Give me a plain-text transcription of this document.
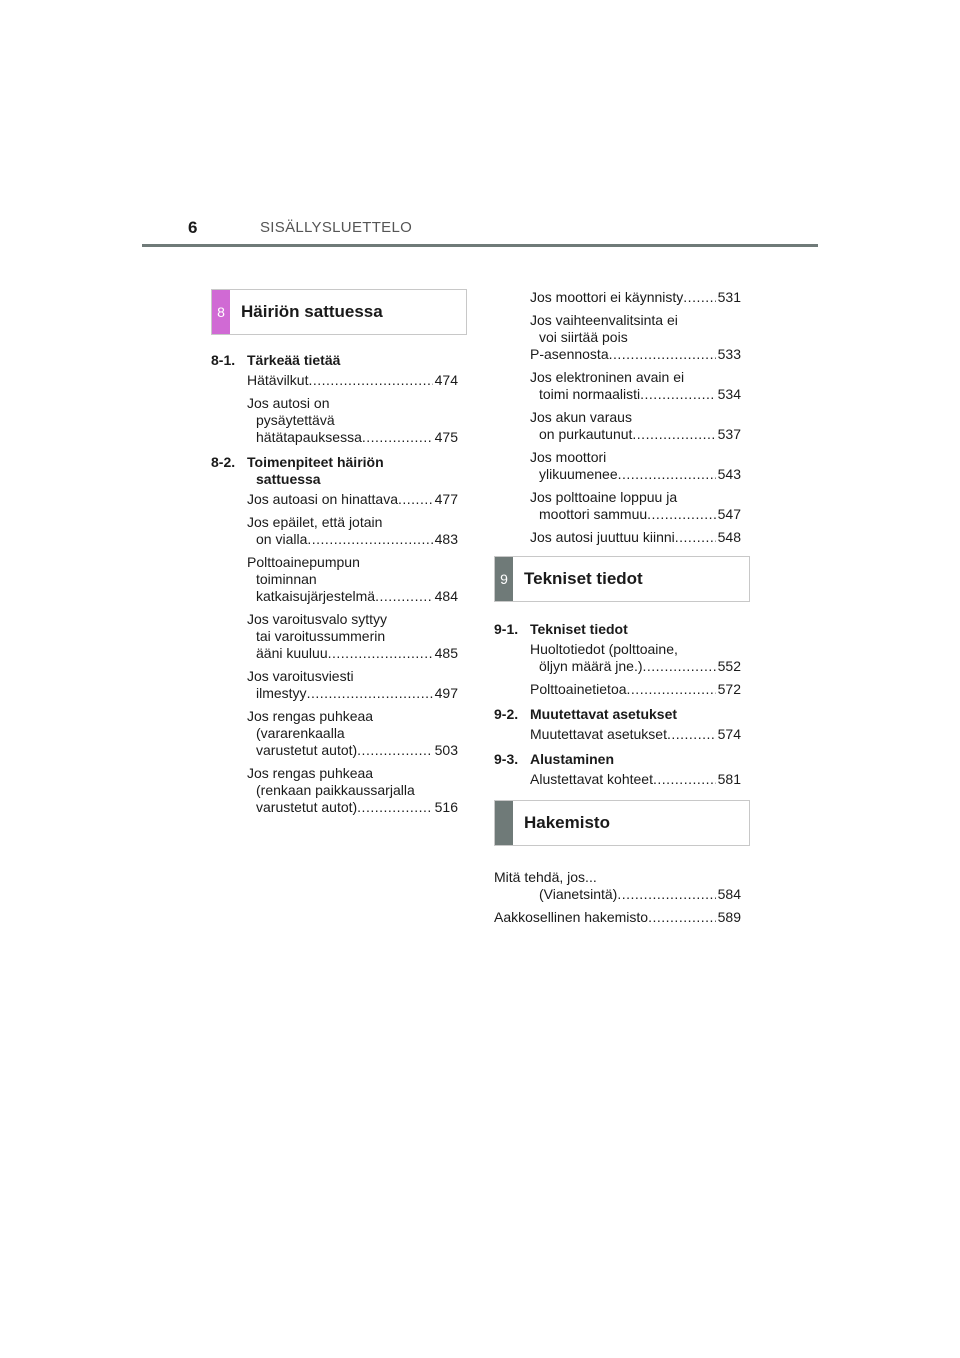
6	SISÄLLYSLUETTELO
8 Häiriön sattuessa
8-1. Tärkeää tietää
Hätävilkut .....	474
Jos autosi on
pysäytettävä
hätätapauksessa .....	475
8-2. Toimenpiteet häiriön
sattuessa
Jos autoasi on hinattava .....	477
Jos epäilet, että jotain
on vialla .....	483
Polttoainepumpun
toiminnan
katkaisujärjestelmä .....	484
Jos varoitusvalo syttyy
tai varoitussummerin
ääni kuuluu .....	485
Jos varoitusviesti
ilmestyy .....	497
Jos rengas puhkeaa
(vararenkaalla
varustetut autot) .....	503
Jos rengas puhkeaa
(renkaan paikkaussarjalla
varustetut autot) .....	516
Jos moottori ei käynnisty ..... 531
Jos vaihteenvalitsinta ei
voi siirtää pois
P-asennosta .....	533
Jos elektroninen avain ei
toimi normaalisti .....	534
Jos akun varaus
on purkautunut .....	537
Jos moottori
ylikuumenee .....	543
Jos polttoaine loppuu ja
moottori sammuu .....	547
Jos autosi juuttuu kiinni .....	548
9 Tekniset tiedot
9-1. Tekniset tiedot
Huoltotiedot (polttoaine,
öljyn määrä jne.) .....	552
Polttoainetietoa .....	572
9-2. Muutettavat asetukset
Muutettavat asetukset .....	574
9-3. Alustaminen
Alustettavat kohteet .....	581
Hakemisto
Mitä tehdä, jos...
(Vianetsintä) .....	584
Aakkosellinen hakemisto .....	589
